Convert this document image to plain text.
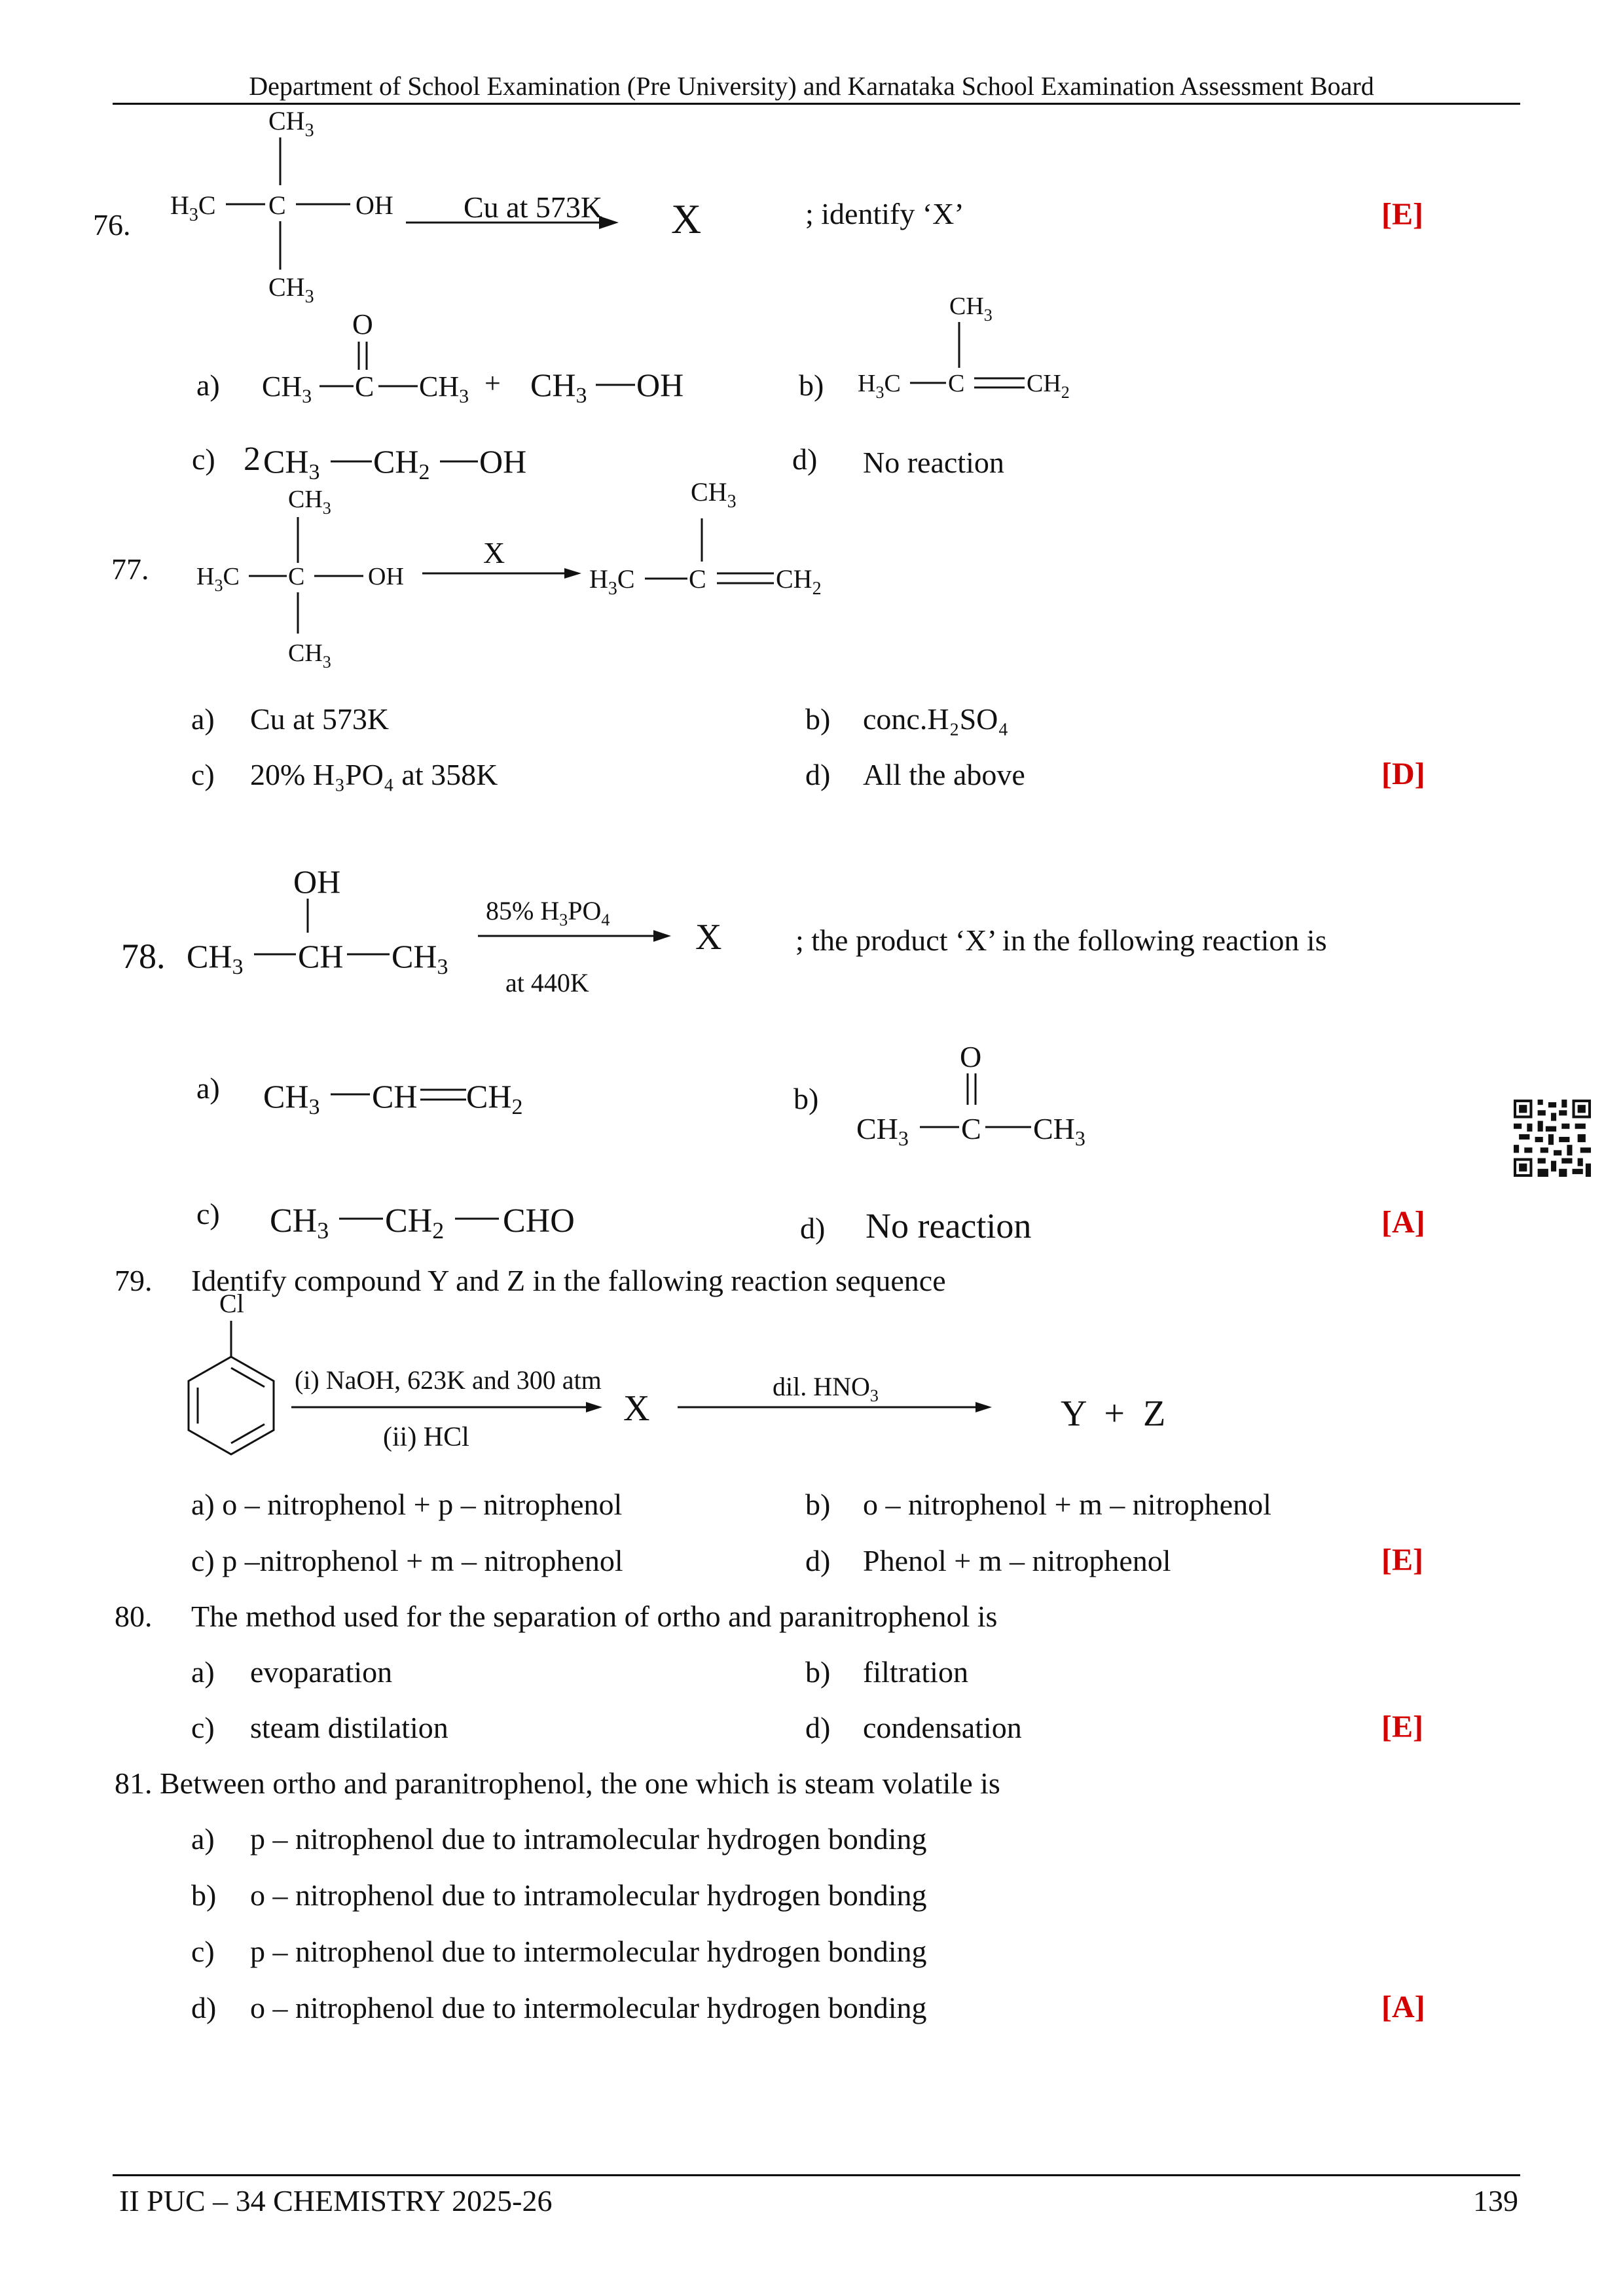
Department of School Examination (Pre University) and Karnataka School Examination Assessment Board
76.
$CH_3$
$H_3C$ C	OH
$CH_3$
Cu at 573K X	; identify ‘X’	[E]
a)
O
$CH_3$ C $CH_3 + CH_3$ OH	b)
$CH_3$
$H_3C$ C $CH_2$
c) 2 $CH_3$ $CH_2$ OH	d) No reaction
77.
$CH_3$
$H_3C$ C	OH
$CH_3$
$CH_3$
$H_3C$ C	$CH_2$
X
a) Cu at 573K	b) conc.H₂SO₄
c) 20% H₃PO₄ at 358K	d) All the above	[D]
78.
OH
$CH_3$ CH $CH_3$
85% $H_3PO_4$
at 440K
X ; the product ‘X’ in the following reaction is
a) $CH_3$ CH $CH_2$	b)
O
$CH_3$ C $CH_3$
c) CH3 CH2 CHO	d) No reaction	[A]
79. Identify compound Y and Z in the fallowing reaction sequence
Cl
(i) NaOH, 623K and 300 atm
(ii) HCl
X
dil. $HNO_3$	Y  +  Z
a) o – nitrophenol + p – nitrophenol	b) o – nitrophenol + m – nitrophenol
c) p –nitrophenol + m – nitrophenol	d) Phenol + m – nitrophenol	[E]
80. The method used for the separation of ortho and paranitrophenol is
a) evoparation	b) filtration
c) steam distilation	d) condensation	[E]
81. Between ortho and paranitrophenol, the one which is steam volatile is
a) p – nitrophenol due to intramolecular hydrogen bonding
b) o – nitrophenol due to intramolecular hydrogen bonding
c) p – nitrophenol due to intermolecular hydrogen bonding
d) o – nitrophenol due to intermolecular hydrogen bonding	[A]
II PUC – 34 CHEMISTRY 2025-26	139
